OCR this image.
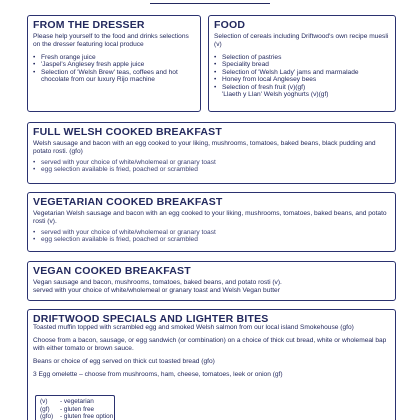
FROM THE DRESSER
Please help yourself to the food and drinks selections on the dresser featuring local produce
• Fresh orange juice
• 'Jaspel's Anglesey fresh apple juice
• Selection of 'Welsh Brew' teas, coffees and hot chocolate from our luxury Rijo machine
FOOD
Selection of cereals including Driftwood's own recipe muesli (v)
• Selection of pastries
• Speciality bread
• Selection of 'Welsh Lady' jams and marmalade
• Honey from local Anglesey bees
• Selection of fresh fruit (v)(gf)
'Llaeth y Llan' Welsh yoghurts (v)(gf)
FULL WELSH COOKED BREAKFAST
Welsh sausage and bacon with an egg cooked to your liking, mushrooms, tomatoes, baked beans, black pudding and potato rosti. (gfo)
• served with your choice of white/wholemeal or granary toast
• egg selection available is fried, poached or scrambled
VEGETARIAN COOKED BREAKFAST
Vegetarian Welsh sausage and bacon with an egg cooked to your liking, mushrooms, tomatoes, baked beans, and potato rosti (v).
• served with your choice of white/wholemeal or granary toast
• egg selection available is fried, poached or scrambled
VEGAN COOKED BREAKFAST
Vegan sausage and bacon, mushrooms, tomatoes, baked beans, and potato rosti (v).
served with your choice of white/wholemeal or granary toast and Welsh Vegan butter
DRIFTWOOD SPECIALS AND LIGHTER BITES
Toasted muffin topped with scrambled egg and smoked Welsh salmon from our local island Smokehouse (gfo)
Choose from a bacon, sausage, or egg sandwich (or combination) on a choice of thick cut bread, white or wholemeal bap with either tomato or brown sauce.
Beans or choice of egg served on thick cut toasted bread (gfo)
3 Egg omelette – choose from mushrooms, ham, cheese, tomatoes, leek or onion (gf)
(v) - vegetarian
(gf) - gluten free
(gfo) - gluten free option
